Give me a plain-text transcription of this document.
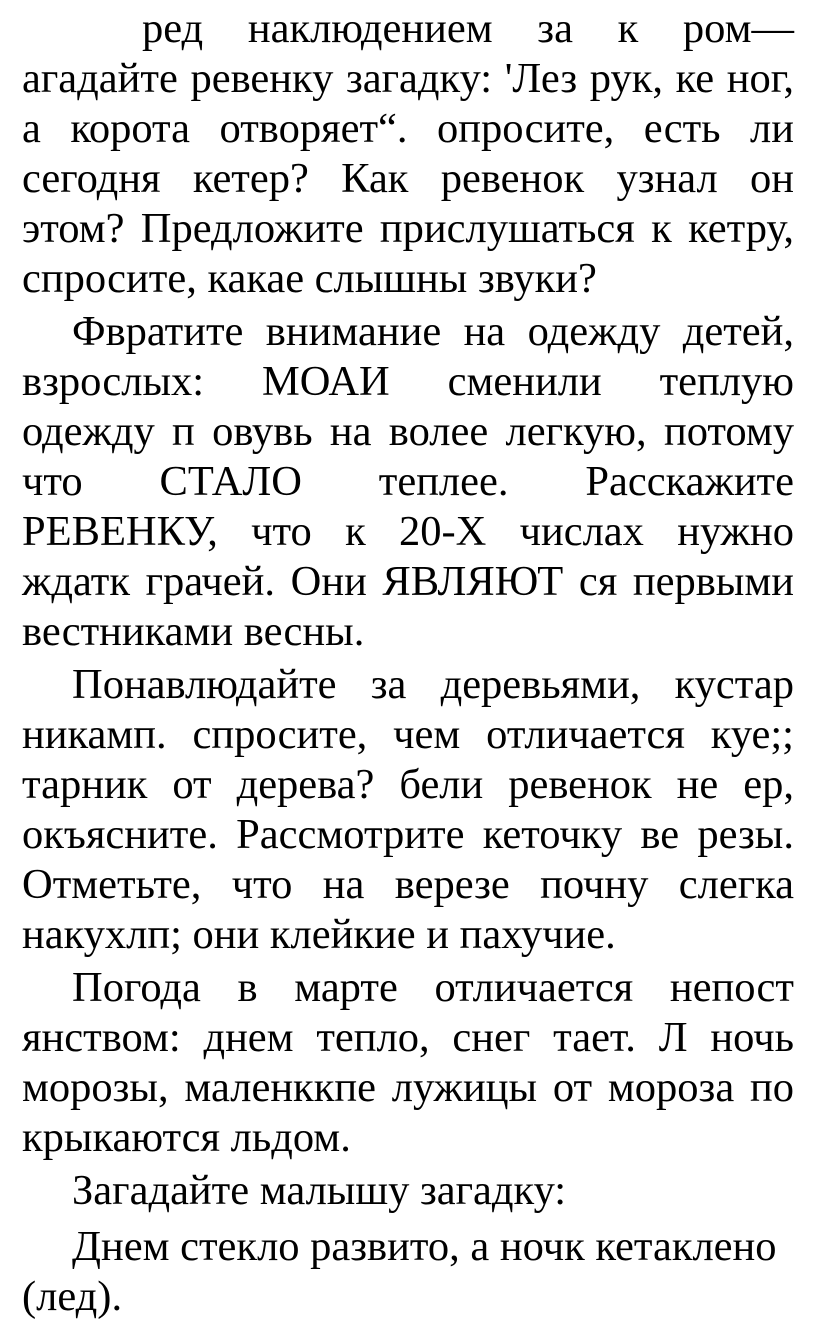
ред наклюдением за к ром— агадайте ревенку загадку: 'Лез рук, ке ног, а корота отворяет“. опросите, есть ли сегодня кетер? Как ревенок узнал он этом? Предложите прислушаться к кетру, спросите, какае слышны звуки?

Фвратите внимание на одежду детей, взрослых: МОАИ сменили теплую одежду п овувь на волее легкую, потому что СТАЛО теплее. Расскажите РЕВЕНКУ, что к 20-Х числах нужно ждатк грачей. Они ЯВЛЯЮТ ся первыми вестниками весны.

Понавлюдайте за деревьями, кустар никамп. спросите, чем отличается куе;; тарник от дерева? бели ревенок не ер, окъясните. Рассмотрите кеточку ве резы. Отметьте, что на верезе почну слегка накухлп; они клейкие и пахучие.

Погода в марте отличается непост янством: днем тепло, снег тает. Л ночь морозы, маленккпе лужицы от мороза по крыкаются льдом.

Загадайте малышу загадку:

Днем стекло развито, а ночк кетаклено (лед).
